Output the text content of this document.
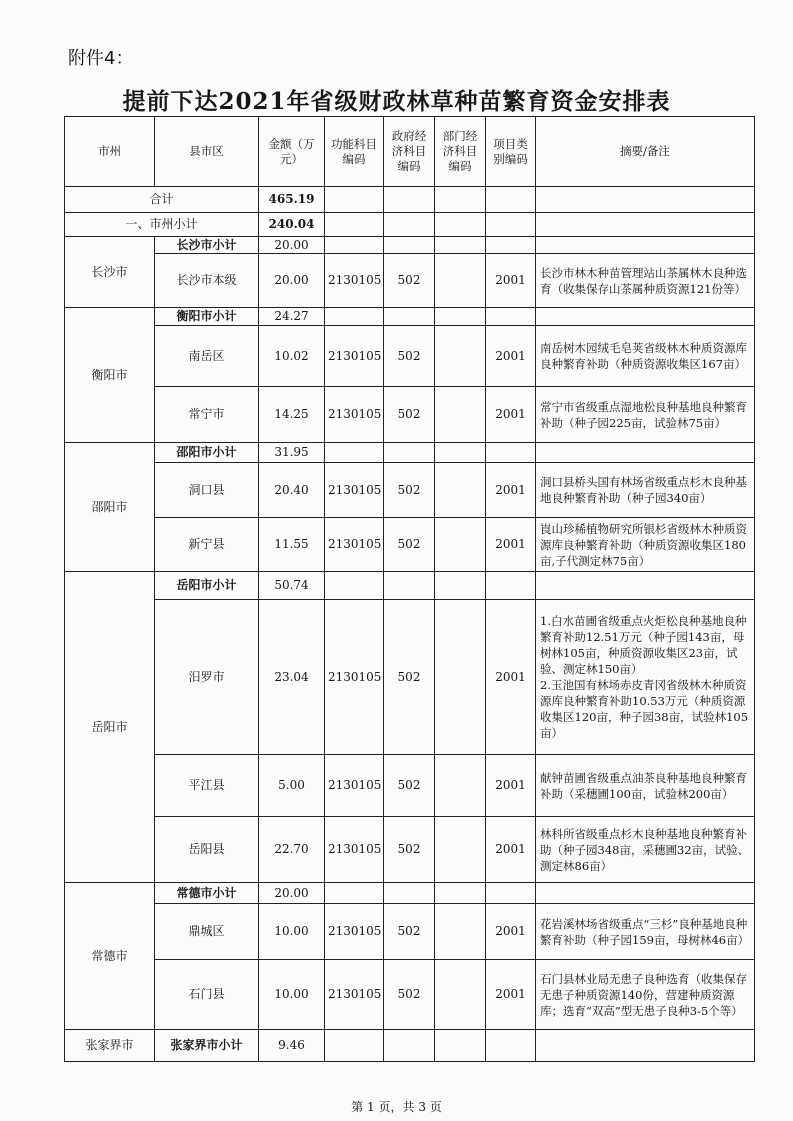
附件4：
提前下达2021年省级财政林草种苗繁育资金安排表
市州	县市区	金额（万元）	功能科目编码	政府经济科目编码	部门经济科目编码	项目类别编码	摘要/备注
合计		465.19					
一、市州小计		240.04					
长沙市	长沙市小计	20.00					
	长沙市本级	20.00	2130105	502		2001	长沙市林木种苗管理站山茶属林木良种选育（收集保存山茶属种质资源121份等）
衡阳市	衡阳市小计	24.27					
	南岳区	10.02	2130105	502		2001	南岳树木园绒毛皂荚省级林木种质资源库良种繁育补助（种质资源收集区167亩）
	常宁市	14.25	2130105	502		2001	常宁市省级重点湿地松良种基地良种繁育补助（种子园225亩，试验林75亩）
邵阳市	邵阳市小计	31.95					
	洞口县	20.40	2130105	502		2001	洞口县桥头国有林场省级重点杉木良种基地良种繁育补助（种子园340亩）
	新宁县	11.55	2130105	502		2001	崀山珍稀植物研究所银杉省级林木种质资源库良种繁育补助（种质资源收集区180亩,子代测定林75亩）
岳阳市	岳阳市小计	50.74					
	汨罗市	23.04	2130105	502		2001	1.白水苗圃省级重点火炬松良种基地良种繁育补助12.51万元（种子园143亩，母树林105亩，种质资源收集区23亩，试验、测定林150亩）
2.玉池国有林场赤皮青冈省级林木种质资源库良种繁育补助10.53万元（种质资源收集区120亩，种子园38亩，试验林105亩）
	平江县	5.00	2130105	502		2001	献钟苗圃省级重点油茶良种基地良种繁育补助（采穗圃100亩，试验林200亩）
	岳阳县	22.70	2130105	502		2001	林科所省级重点杉木良种基地良种繁育补助（种子园348亩，采穗圃32亩，试验、测定林86亩）
常德市	常德市小计	20.00					
	鼎城区	10.00	2130105	502		2001	花岩溪林场省级重点“三杉”良种基地良种繁育补助（种子园159亩，母树林46亩）
	石门县	10.00	2130105	502		2001	石门县林业局无患子良种选育（收集保存无患子种质资源140份，营建种质资源库；选育“双高”型无患子良种3-5个等）
张家界市	张家界市小计	9.46					
第 1 页，共 3 页
